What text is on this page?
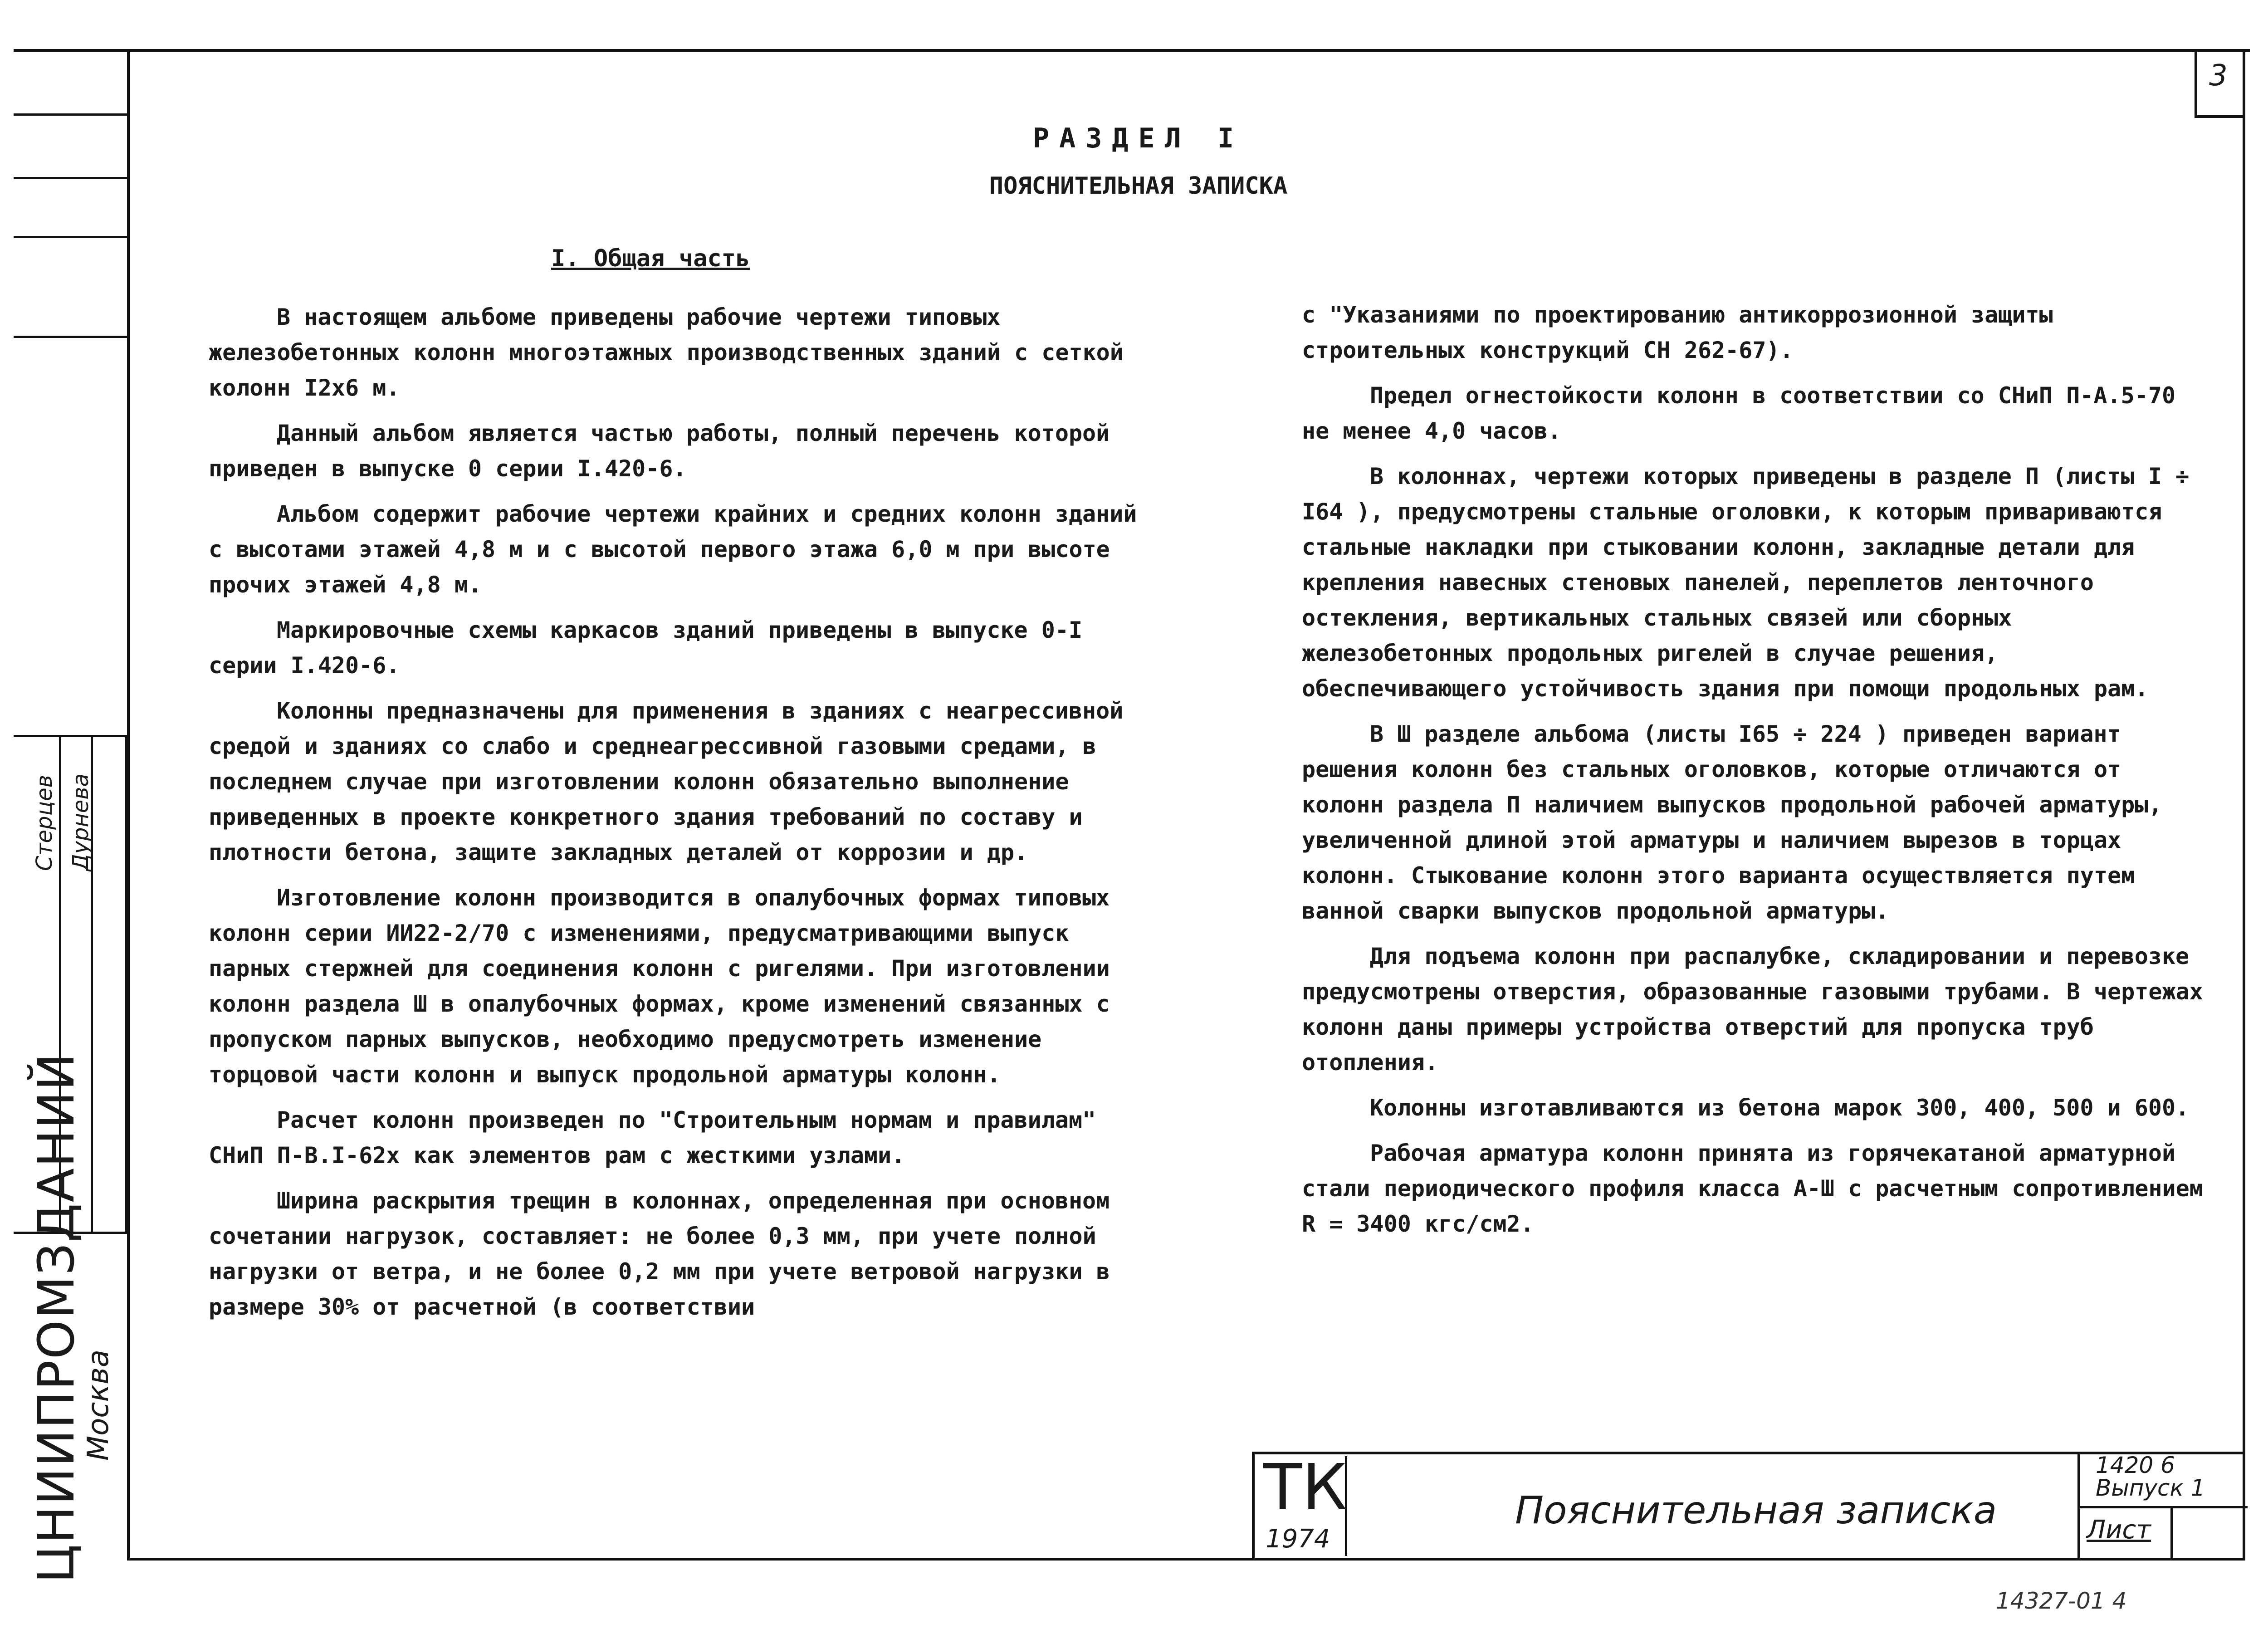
3
РАЗДЕЛ I
ПОЯСНИТЕЛЬНАЯ ЗАПИСКА
I. Общая часть

В настоящем альбоме приведены рабочие чертежи типовых железобетонных колонн многоэтажных производственных зданий с сеткой колонн I2x6 м.

Данный альбом является частью работы, полный перечень которой приведен в выпуске 0 серии I.420-6.

Альбом содержит рабочие чертежи крайних и средних колонн зданий с высотами этажей 4,8 м и с высотой первого этажа 6,0 м при высоте прочих этажей 4,8 м.

Маркировочные схемы каркасов зданий приведены в выпуске 0-I серии I.420-6.

Колонны предназначены для применения в зданиях с неагрессивной средой и зданиях со слабо и среднеагрессивной газовыми средами, в последнем случае при изготовлении колонн обязательно выполнение приведенных в проекте конкретного здания требований по составу и плотности бетона, защите закладных деталей от коррозии и др.

Изготовление колонн производится в опалубочных формах типовых колонн серии ИИ22-2/70 с изменениями, предусматривающими выпуск парных стержней для соединения колонн с ригелями. При изготовлении колонн раздела Ш в опалубочных формах, кроме изменений связанных с пропуском парных выпусков, необходимо предусмотреть изменение торцовой части колонн и выпуск продольной арматуры колонн.

Расчет колонн произведен по "Строительным нормам и правилам" СНиП П-В.I-62х как элементов рам с жесткими узлами.

Ширина раскрытия трещин в колоннах, определенная при основном сочетании нагрузок, составляет: не более 0,3 мм, при учете полной нагрузки от ветра, и не более 0,2 мм при учете ветровой нагрузки в размере 30% от расчетной (в соответствии

с "Указаниями по проектированию антикоррозионной защиты строительных конструкций СН 262-67).

Предел огнестойкости колонн в соответствии со СНиП П-А.5-70 не менее 4,0 часов.

В колоннах, чертежи которых приведены в разделе П (листы I ÷ I64 ), предусмотрены стальные оголовки, к которым привариваются стальные накладки при стыковании колонн, закладные детали для крепления навесных стеновых панелей, переплетов ленточного остекления, вертикальных стальных связей или сборных железобетонных продольных ригелей в случае решения, обеспечивающего устойчивость здания при помощи продольных рам.

В Ш разделе альбома (листы I65 ÷ 224 ) приведен вариант решения колонн без стальных оголовков, которые отличаются от колонн раздела П наличием выпусков продольной рабочей арматуры, увеличенной длиной этой арматуры и наличием вырезов в торцах колонн. Стыкование колонн этого варианта осуществляется путем ванной сварки выпусков продольной арматуры.

Для подъема колонн при распалубке, складировании и перевозке предусмотрены отверстия, образованные газовыми трубами. В чертежах колонн даны примеры устройства отверстий для пропуска труб отопления.

Колонны изготавливаются из бетона марок 300, 400, 500 и 600.

Рабочая арматура колонн принята из горячекатаной арматурной стали периодического профиля класса А-Ш с расчетным сопротивлением R = 3400 кгс/см2.

ТК
1974
Пояснительная записка
1420 6
Выпуск 1
Лист
14327-01 4
ЦНИИПРОМЗДАНИЙ
Москва
Стерцев Дурнева
